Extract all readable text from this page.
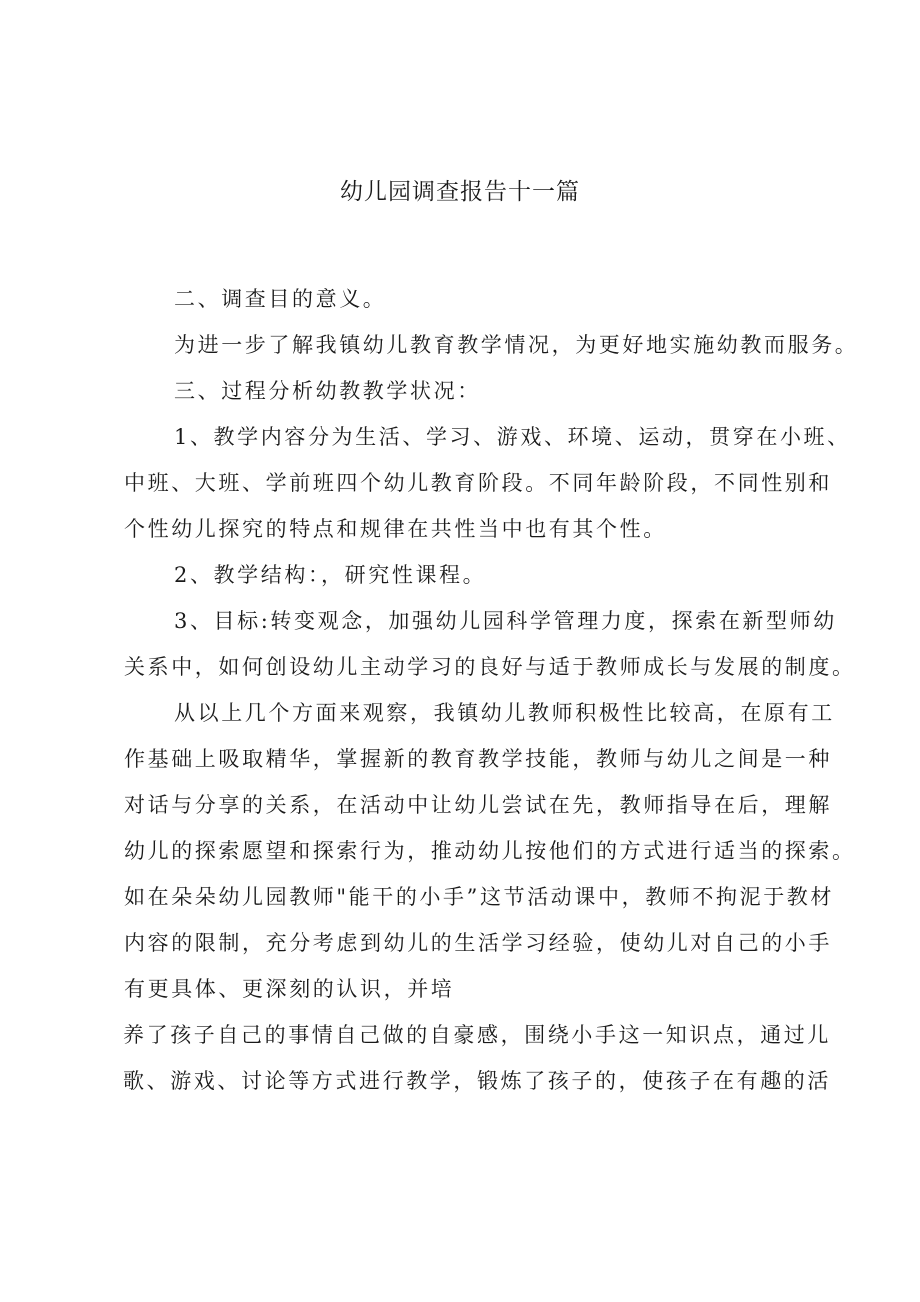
幼儿园调查报告十一篇
二、调查目的意义。
为进一步了解我镇幼儿教育教学情况，为更好地实施幼教而服务。
三、过程分析幼教教学状况：
1、教学内容分为生活、学习、游戏、环境、运动，贯穿在小班、
中班、大班、学前班四个幼儿教育阶段。不同年龄阶段，不同性别和
个性幼儿探究的特点和规律在共性当中也有其个性。
2、教学结构：，研究性课程。
3、目标:转变观念，加强幼儿园科学管理力度，探索在新型师幼
关系中，如何创设幼儿主动学习的良好与适于教师成长与发展的制度。
从以上几个方面来观察，我镇幼儿教师积极性比较高，在原有工
作基础上吸取精华，掌握新的教育教学技能，教师与幼儿之间是一种
对话与分享的关系，在活动中让幼儿尝试在先，教师指导在后，理解
幼儿的探索愿望和探索行为，推动幼儿按他们的方式进行适当的探索。
如在朵朵幼儿园教师"能干的小手”这节活动课中，教师不拘泥于教材
内容的限制，充分考虑到幼儿的生活学习经验，使幼儿对自己的小手
有更具体、更深刻的认识，并培
养了孩子自己的事情自己做的自豪感，围绕小手这一知识点，通过儿
歌、游戏、讨论等方式进行教学，锻炼了孩子的，使孩子在有趣的活
